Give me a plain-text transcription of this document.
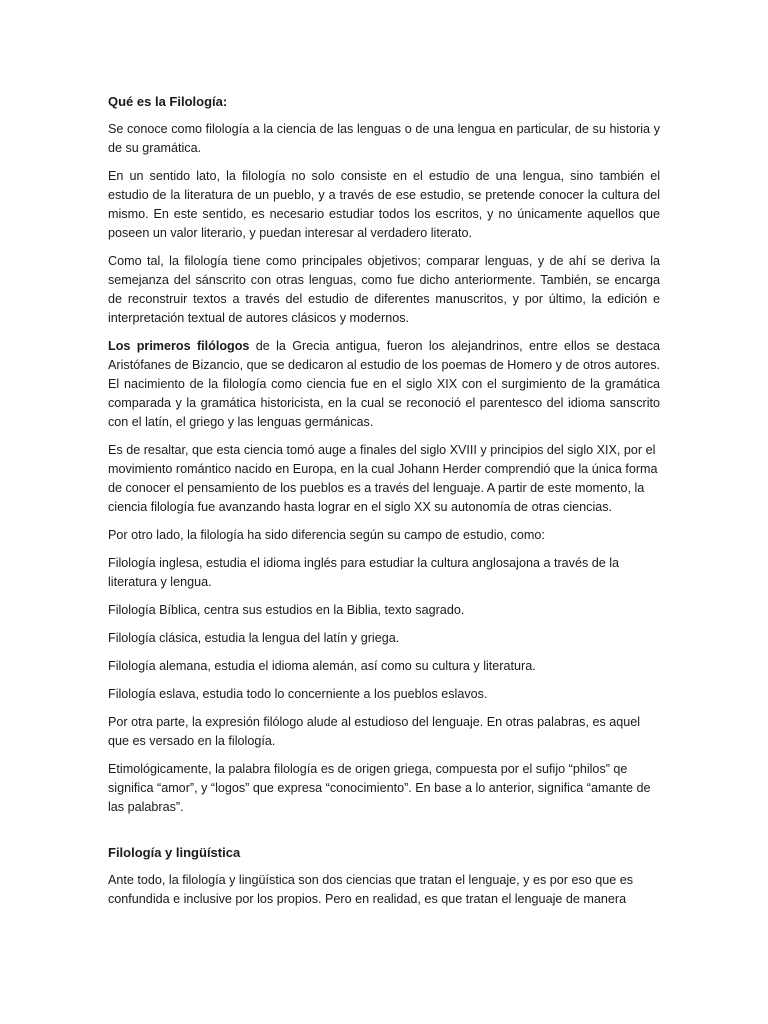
Qué es la Filología:

Se conoce como filología a la ciencia de las lenguas o de una lengua en particular, de su historia y de su gramática.

En un sentido lato, la filología no solo consiste en el estudio de una lengua, sino también el estudio de la literatura de un pueblo, y a través de ese estudio, se pretende conocer la cultura del mismo. En este sentido, es necesario estudiar todos los escritos, y no únicamente aquellos que poseen un valor literario, y puedan interesar al verdadero literato.

Como tal, la filología tiene como principales objetivos; comparar lenguas, y de ahí se deriva la semejanza del sánscrito con otras lenguas, como fue dicho anteriormente. También, se encarga de reconstruir textos a través del estudio de diferentes manuscritos, y por último, la edición e interpretación textual de autores clásicos y modernos.

Los primeros filólogos de la Grecia antigua, fueron los alejandrinos, entre ellos se destaca Aristófanes de Bizancio, que se dedicaron al estudio de los poemas de Homero y de otros autores. El nacimiento de la filología como ciencia fue en el siglo XIX con el surgimiento de la gramática comparada y la gramática historicista, en la cual se reconoció el parentesco del idioma sanscrito con el latín, el griego y las lenguas germánicas.

Es de resaltar, que esta ciencia tomó auge a finales del siglo XVIII y principios del siglo XIX, por el movimiento romántico nacido en Europa, en la cual Johann Herder comprendió que la única forma de conocer el pensamiento de los pueblos es a través del lenguaje. A partir de este momento, la ciencia filología fue avanzando hasta lograr en el siglo XX su autonomía de otras ciencias.

Por otro lado, la filología ha sido diferencia según su campo de estudio, como:

Filología inglesa, estudia el idioma inglés para estudiar la cultura anglosajona a través de la literatura y lengua.

Filología Bíblica, centra sus estudios en la Biblia, texto sagrado.

Filología clásica, estudia la lengua del latín y griega.

Filología alemana, estudia el idioma alemán, así como su cultura y literatura.

Filología eslava, estudia todo lo concerniente a los pueblos eslavos.

Por otra parte, la expresión filólogo alude al estudioso del lenguaje. En otras palabras, es aquel que es versado en la filología.

Etimológicamente, la palabra filología es de origen griega, compuesta por el sufijo “philos” qe significa “amor”, y “logos” que expresa “conocimiento”. En base a lo anterior, significa “amante de las palabras”.

Filología y lingüística

Ante todo, la filología y lingüística son dos ciencias que tratan el lenguaje, y es por eso que es confundida e inclusive por los propios. Pero en realidad, es que tratan el lenguaje de manera
